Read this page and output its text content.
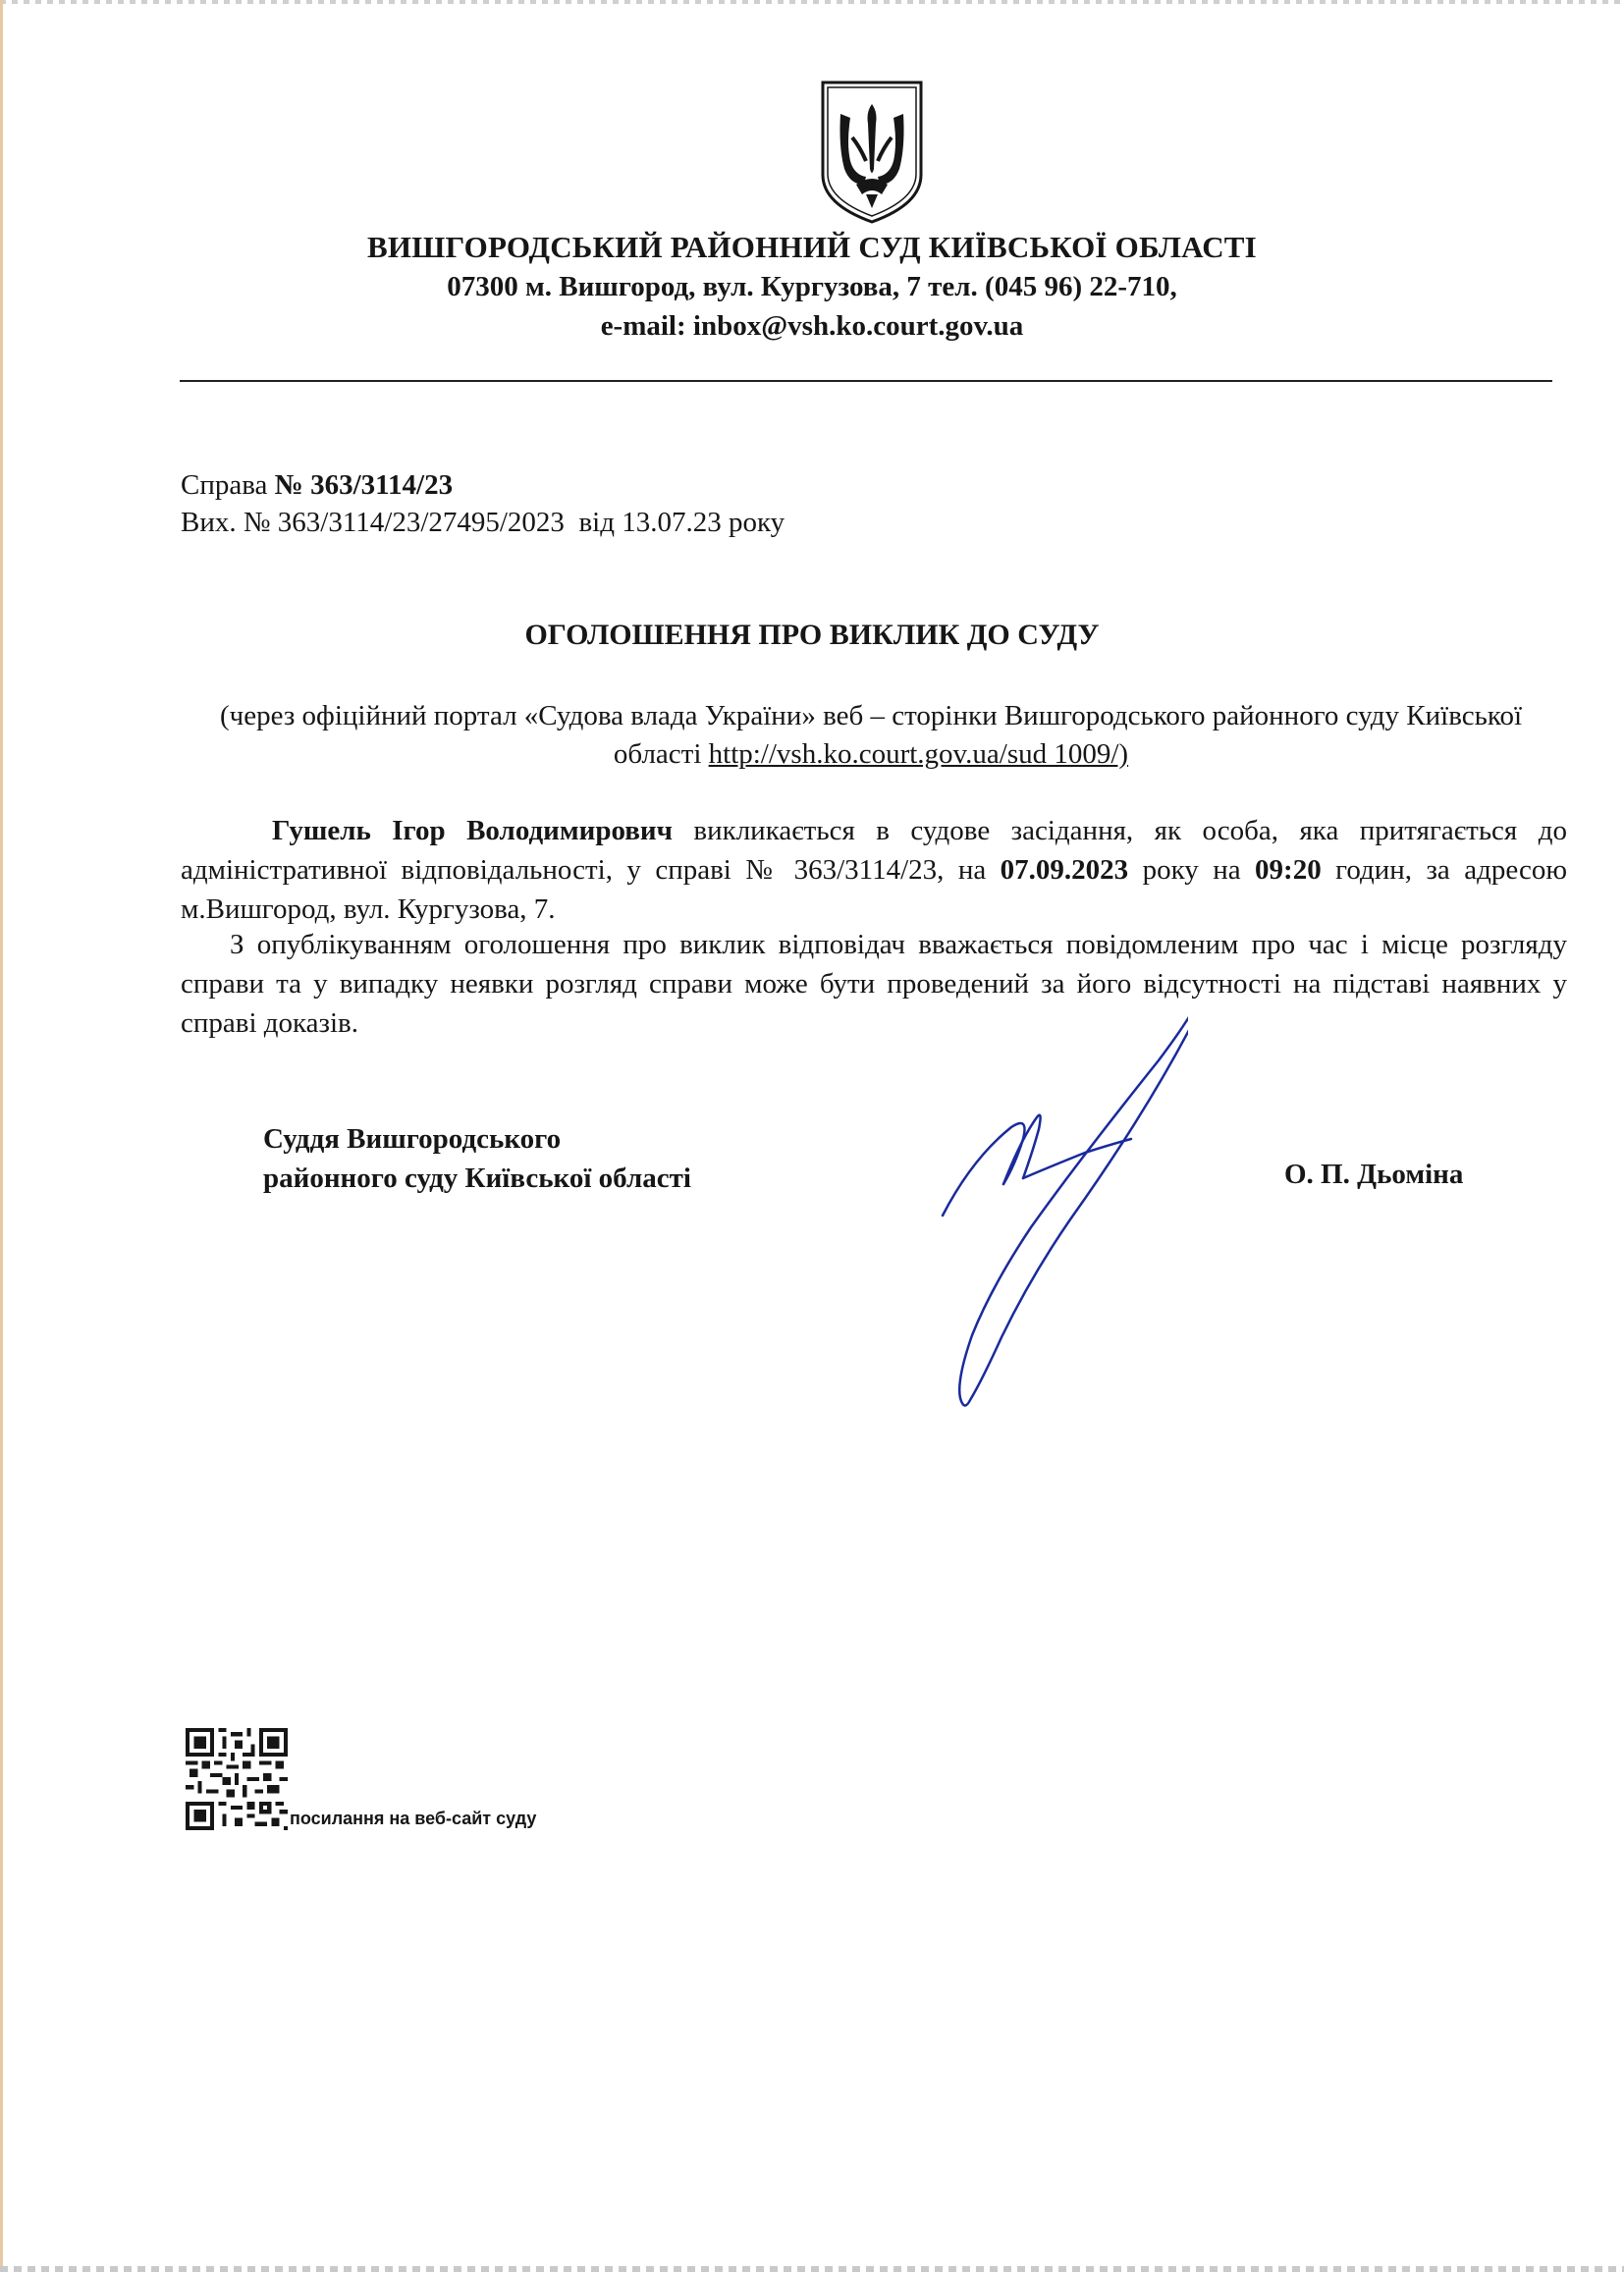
ВИШГОРОДСЬКИЙ РАЙОННИЙ СУД КИЇВСЬКОЇ ОБЛАСТІ

07300 м. Вишгород, вул. Кургузова, 7 тел. (045 96) 22-710,

e-mail: inbox@vsh.ko.court.gov.ua

Справа № 363/3114/23

Вих. № 363/3114/23/27495/2023 від 13.07.23 року

ОГОЛОШЕННЯ ПРО ВИКЛИК ДО СУДУ

(через офіційний портал «Судова влада України» веб – сторінки Вишгородського районного суду Київської області http://vsh.ko.court.gov.ua/sud 1009/)

Гушель Ігор Володимирович викликається в судове засідання, як особа, яка притягається до адміністративної відповідальності, у справі № 363/3114/23, на 07.09.2023 року на 09:20 годин, за адресою м.Вишгород, вул. Кургузова, 7.

З опублікуванням оголошення про виклик відповідач вважається повідомленим про час і місце розгляду справи та у випадку неявки розгляд справи може бути проведений за його відсутності на підставі наявних у справі доказів.

Суддя Вишгородського
районного суду Київської області	О. П. Дьоміна

посилання на веб-сайт суду
